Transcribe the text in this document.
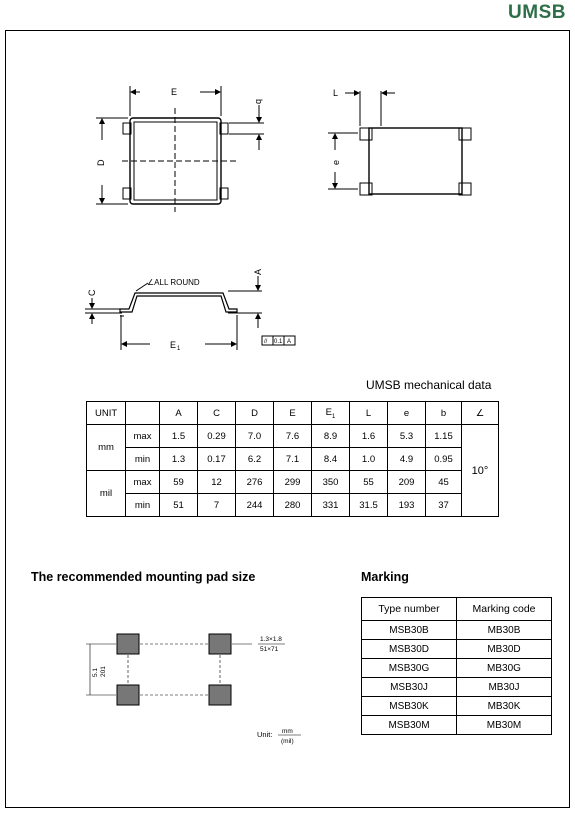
UMSB
E
b
D
L
e
C
A
∠ALL ROUND
E 1
// 0.1 A
UMSB mechanical data
UNIT		A	C	D	E	$E_1$	L	e	b	∠
mm	max	1.5	0.29	7.0	7.6	8.9	1.6	5.3	1.15	10°
	min	1.3	0.17	6.2	7.1	8.4	1.0	4.9	0.95	
mil	max	59	12	276	299	350	55	209	45	
	min	51	7	244	280	331	31.5	193	37	
The recommended mounting pad size	Marking
1.3×1.8
51×71
5.1 201
Unit: mm
(mil)
Type number	Marking code
MSB30B	MB30B
MSB30D	MB30D
MSB30G	MB30G
MSB30J	MB30J
MSB30K	MB30K
MSB30M	MB30M
